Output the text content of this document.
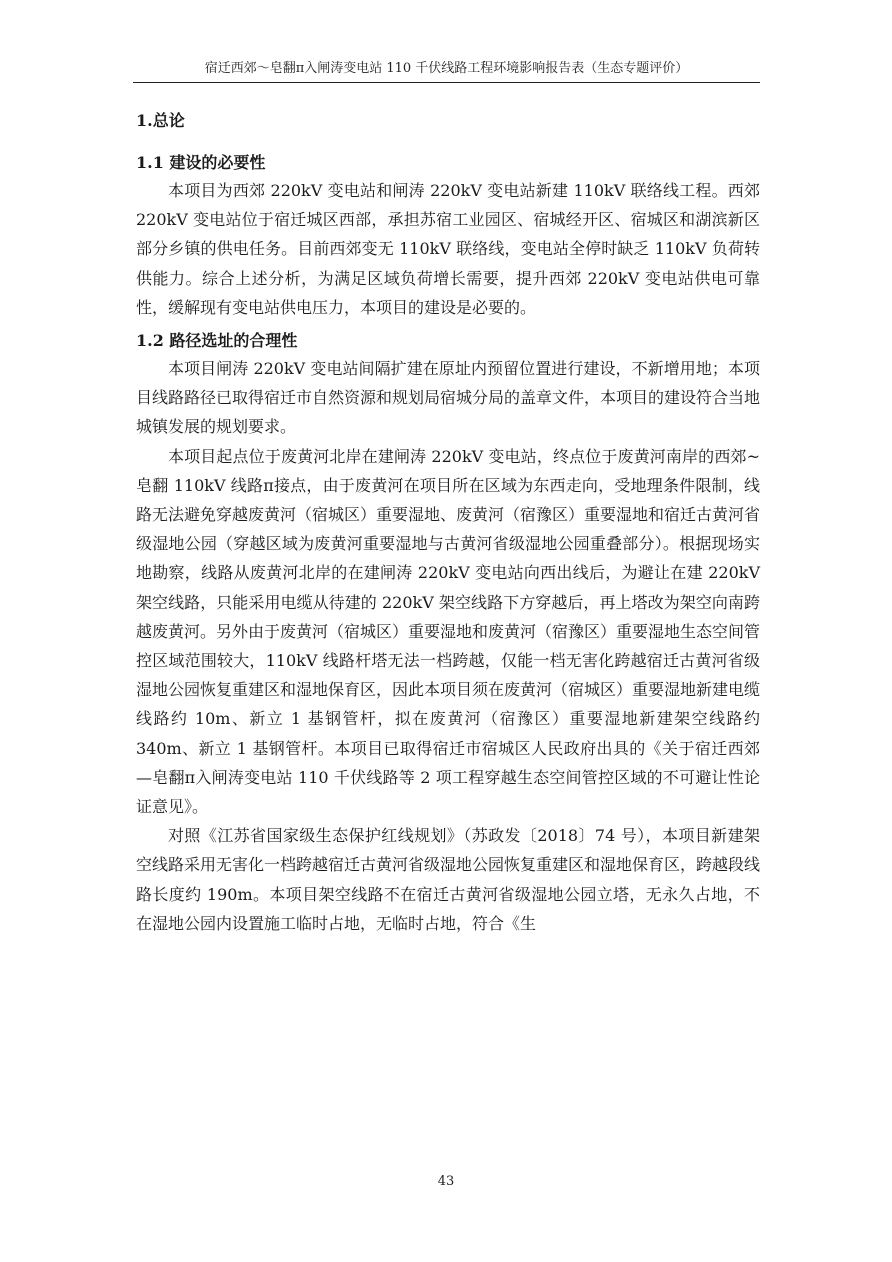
宿迁西郊～皂翻π入闸涛变电站 110 千伏线路工程环境影响报告表（生态专题评价）
1.总论
1.1 建设的必要性

本项目为西郊 220kV 变电站和闸涛 220kV 变电站新建 110kV 联络线工程。西郊 220kV 变电站位于宿迁城区西部，承担苏宿工业园区、宿城经开区、宿城区和湖滨新区部分乡镇的供电任务。目前西郊变无 110kV 联络线，变电站全停时缺乏 110kV 负荷转供能力。综合上述分析，为满足区域负荷增长需要，提升西郊 220kV 变电站供电可靠性，缓解现有变电站供电压力，本项目的建设是必要的。

1.2 路径选址的合理性

本项目闸涛 220kV 变电站间隔扩建在原址内预留位置进行建设，不新增用地；本项目线路路径已取得宿迁市自然资源和规划局宿城分局的盖章文件，本项目的建设符合当地城镇发展的规划要求。

本项目起点位于废黄河北岸在建闸涛 220kV 变电站，终点位于废黄河南岸的西郊~皂翻 110kV 线路π接点，由于废黄河在项目所在区域为东西走向，受地理条件限制，线路无法避免穿越废黄河（宿城区）重要湿地、废黄河（宿豫区）重要湿地和宿迁古黄河省级湿地公园（穿越区域为废黄河重要湿地与古黄河省级湿地公园重叠部分）。根据现场实地勘察，线路从废黄河北岸的在建闸涛 220kV 变电站向西出线后，为避让在建 220kV 架空线路，只能采用电缆从待建的 220kV 架空线路下方穿越后，再上塔改为架空向南跨越废黄河。另外由于废黄河（宿城区）重要湿地和废黄河（宿豫区）重要湿地生态空间管控区域范围较大，110kV 线路杆塔无法一档跨越，仅能一档无害化跨越宿迁古黄河省级湿地公园恢复重建区和湿地保育区，因此本项目须在废黄河（宿城区）重要湿地新建电缆线路约 10m、新立 1 基钢管杆，拟在废黄河（宿豫区）重要湿地新建架空线路约 340m、新立 1 基钢管杆。本项目已取得宿迁市宿城区人民政府出具的《关于宿迁西郊—皂翻π入闸涛变电站 110 千伏线路等 2 项工程穿越生态空间管控区域的不可避让性论证意见》。

对照《江苏省国家级生态保护红线规划》（苏政发〔2018〕74 号），本项目新建架空线路采用无害化一档跨越宿迁古黄河省级湿地公园恢复重建区和湿地保育区，跨越段线路长度约 190m。本项目架空线路不在宿迁古黄河省级湿地公园立塔，无永久占地，不在湿地公园内设置施工临时占地，无临时占地，符合《生

43
